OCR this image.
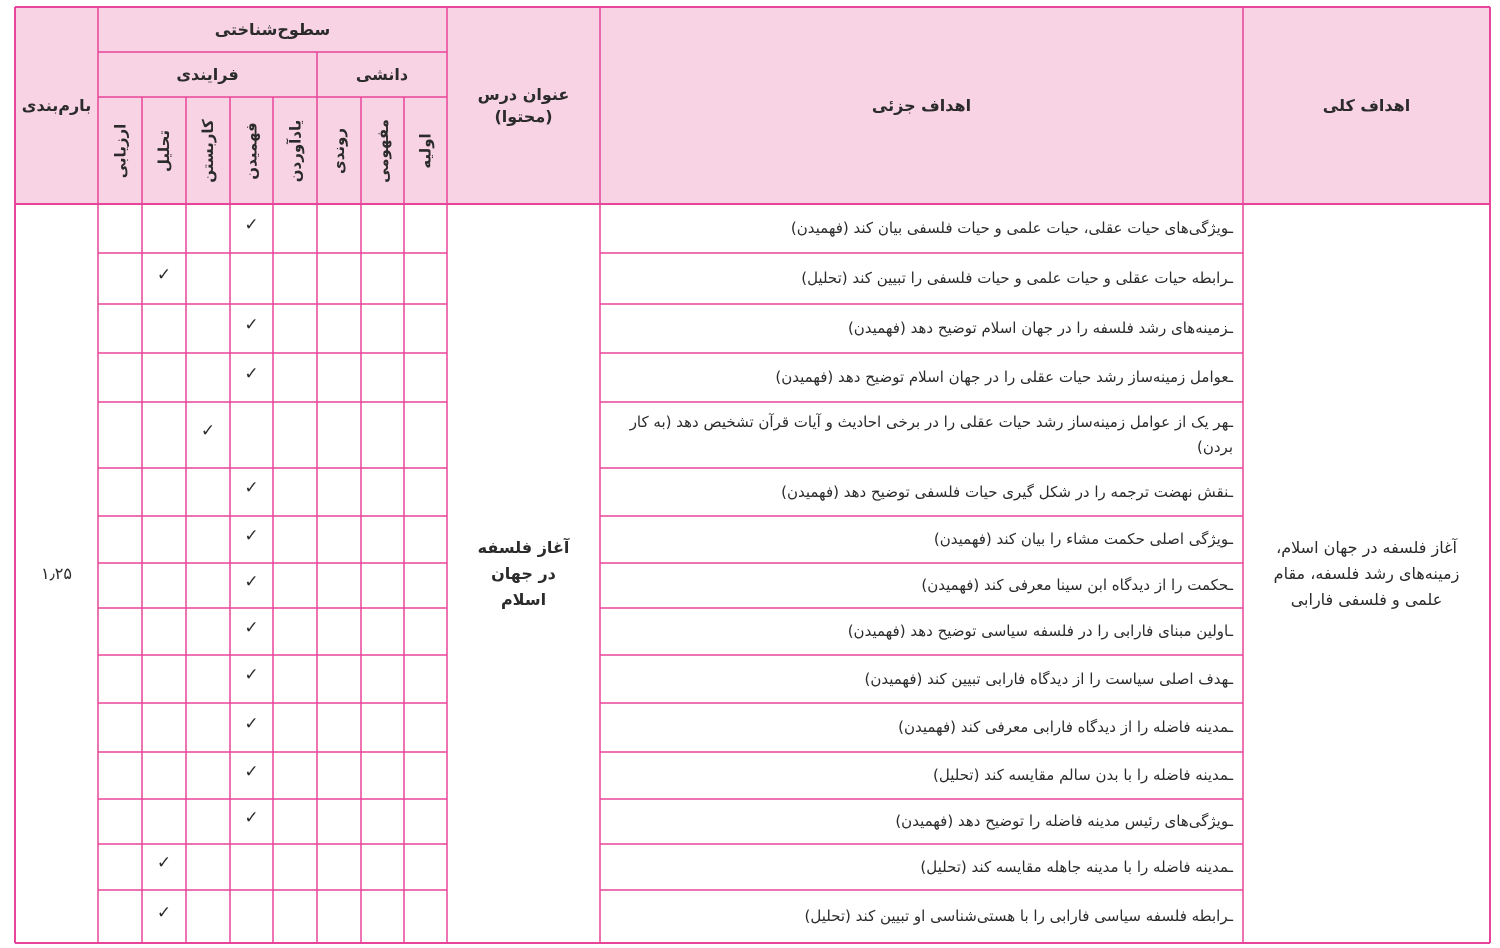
اهداف کلی
اهداف جزئی
عنوان درس (محتوا)
سطوح‌شناختی
دانشی
فرایندی
بارم‌بندی
اولیه
مفهومی
روندی
یادآوردن
فهمیدن
کاربستن
تحلیل
ارزیابی
آغاز فلسفه در جهان اسلام، زمینه‌های رشد فلسفه، مقام علمی و فلسفی فارابی
آغاز فلسفه در جهان اسلام
۱٫۲۵
ـویژگی‌های حیات عقلی، حیات علمی و حیات فلسفی بیان کند (فهمیدن)
✓
ـرابطه حیات عقلی و حیات علمی و حیات فلسفی را تبیین کند (تحلیل)
✓
ـزمینه‌های رشد فلسفه را در جهان اسلام توضیح دهد (فهمیدن)
✓
ـعوامل زمینه‌ساز رشد حیات عقلی را در جهان اسلام توضیح دهد (فهمیدن)
✓
ـهر یک از عوامل زمینه‌ساز رشد حیات عقلی را در برخی احادیث و آیات قرآن تشخیص دهد (به کار بردن)
✓
ـنقش نهضت ترجمه را در شکل گیری حیات فلسفی توضیح دهد (فهمیدن)
✓
ـویژگی اصلی حکمت مشاء را بیان کند (فهمیدن)
✓
ـحکمت را از دیدگاه ابن سینا معرفی کند (فهمیدن)
✓
ـاولین مبنای فارابی را در فلسفه سیاسی توضیح دهد (فهمیدن)
✓
ـهدف اصلی سیاست را از دیدگاه فارابی تبیین کند (فهمیدن)
✓
ـمدینه فاضله را از دیدگاه فارابی معرفی کند (فهمیدن)
✓
ـمدینه فاضله را با بدن سالم مقایسه کند (تحلیل)
✓
ـویژگی‌های رئیس مدینه فاضله را توضیح دهد (فهمیدن)
✓
ـمدینه فاضله را با مدینه جاهله مقایسه کند (تحلیل)
✓
ـرابطه فلسفه سیاسی فارابی را با هستی‌شناسی او تبیین کند (تحلیل)
✓
